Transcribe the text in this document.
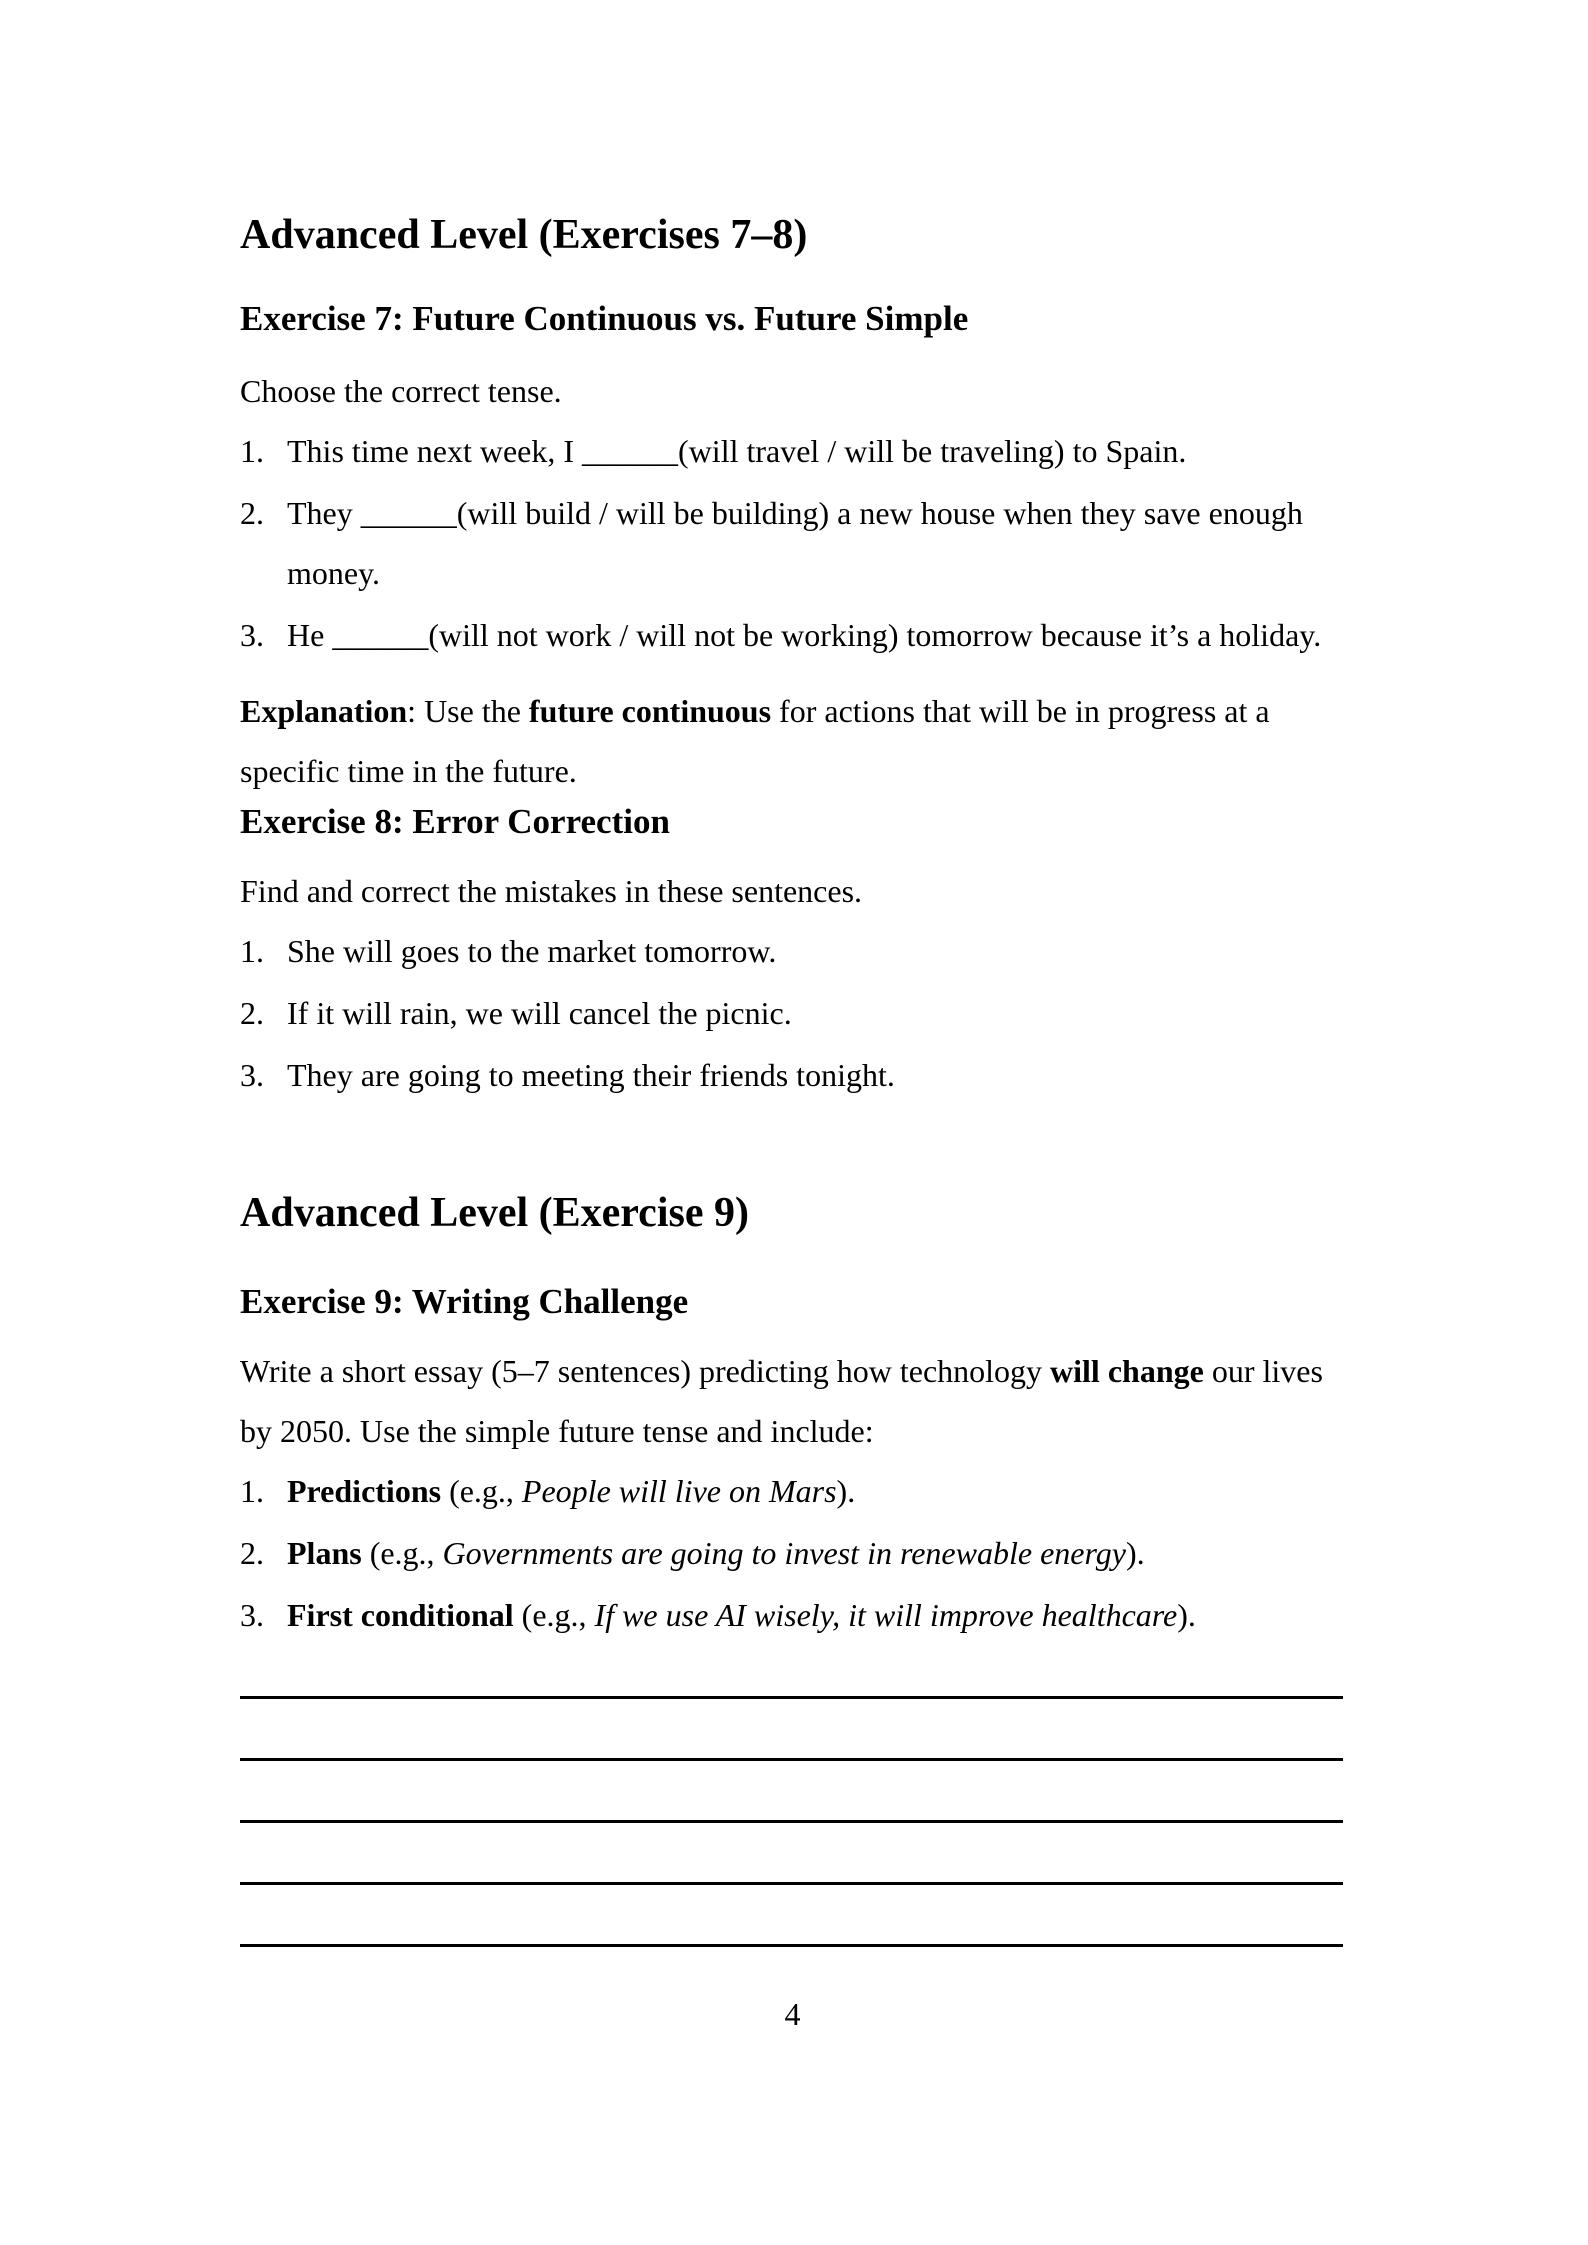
Advanced Level (Exercises 7–8)
Exercise 7: Future Continuous vs. Future Simple

Choose the correct tense.

1. This time next week, I ______(will travel / will be traveling) to Spain.
2. They ______(will build / will be building) a new house when they save enough money.
3. He ______(will not work / will not be working) tomorrow because it’s a holiday.

Explanation: Use the future continuous for actions that will be in progress at a specific time in the future.

Exercise 8: Error Correction

Find and correct the mistakes in these sentences.

1. She will goes to the market tomorrow.
2. If it will rain, we will cancel the picnic.
3. They are going to meeting their friends tonight.
Advanced Level (Exercise 9)
Exercise 9: Writing Challenge

Write a short essay (5–7 sentences) predicting how technology will change our lives by 2050. Use the simple future tense and include:

1. Predictions (e.g., People will live on Mars).
2. Plans (e.g., Governments are going to invest in renewable energy).
3. First conditional (e.g., If we use AI wisely, it will improve healthcare).

4
